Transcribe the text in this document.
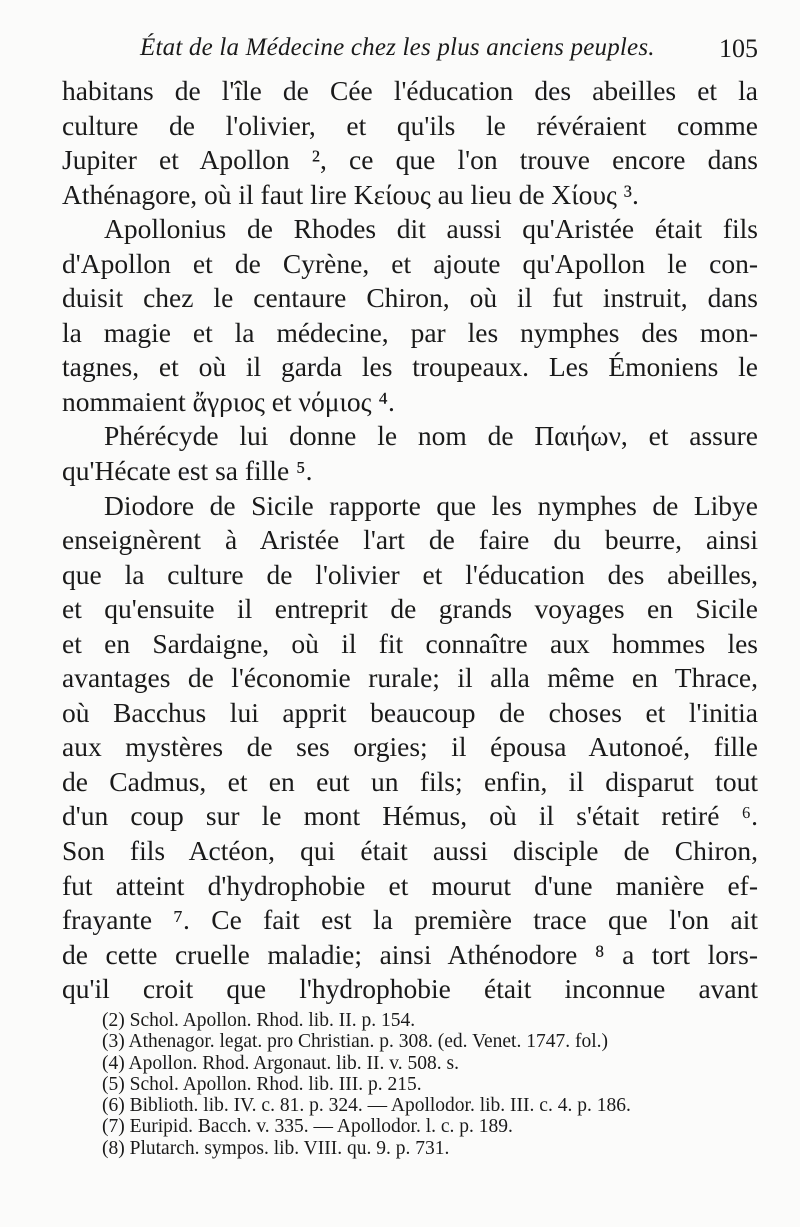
État de la Médecine chez les plus anciens peuples. 105
habitans de l'île de Cée l'éducation des abeilles et la
culture de l'olivier, et qu'ils le révéraient comme
Jupiter et Apollon ², ce que l'on trouve encore dans
Athénagore, où il faut lire Κείους au lieu de Χίους ³.
Apollonius de Rhodes dit aussi qu'Aristée était fils
d'Apollon et de Cyrène, et ajoute qu'Apollon le con-
duisit chez le centaure Chiron, où il fut instruit, dans
la magie et la médecine, par les nymphes des mon-
tagnes, et où il garda les troupeaux. Les Émoniens le
nommaient ἄγριος et νόμιος ⁴.
Phérécyde lui donne le nom de Παιήων, et assure
qu'Hécate est sa fille ⁵.
Diodore de Sicile rapporte que les nymphes de Libye
enseignèrent à Aristée l'art de faire du beurre, ainsi
que la culture de l'olivier et l'éducation des abeilles,
et qu'ensuite il entreprit de grands voyages en Sicile
et en Sardaigne, où il fit connaître aux hommes les
avantages de l'économie rurale; il alla même en Thrace,
où Bacchus lui apprit beaucoup de choses et l'initia
aux mystères de ses orgies; il épousa Autonoé, fille
de Cadmus, et en eut un fils; enfin, il disparut tout
d'un coup sur le mont Hémus, où il s'était retiré ⁶.
Son fils Actéon, qui était aussi disciple de Chiron,
fut atteint d'hydrophobie et mourut d'une manière ef-
frayante ⁷. Ce fait est la première trace que l'on ait
de cette cruelle maladie; ainsi Athénodore ⁸ a tort lors-
qu'il croit que l'hydrophobie était inconnue avant
(2) Schol. Apollon. Rhod. lib. II. p. 154.
(3) Athenagor. legat. pro Christian. p. 308. (ed. Venet. 1747. fol.)
(4) Apollon. Rhod. Argonaut. lib. II. v. 508. s.
(5) Schol. Apollon. Rhod. lib. III. p. 215.
(6) Biblioth. lib. IV. c. 81. p. 324. — Apollodor. lib. III. c. 4. p. 186.
(7) Euripid. Bacch. v. 335. — Apollodor. l. c. p. 189.
(8) Plutarch. sympos. lib. VIII. qu. 9. p. 731.
